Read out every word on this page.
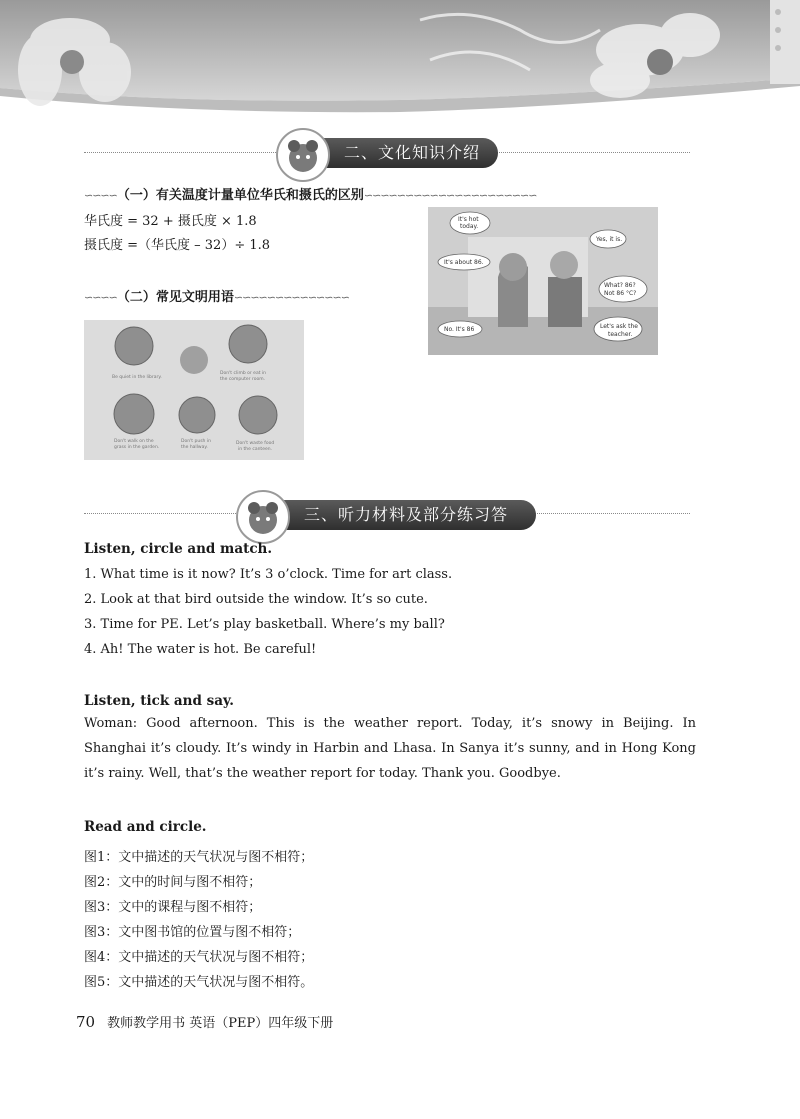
二、文化知识介绍
∽∽∽∽（一）有关温度计量单位华氏和摄氏的区别∽∽∽∽∽∽∽∽∽∽∽∽∽∽∽∽∽∽∽∽∽
华氏度 = 32 + 摄氏度 × 1.8
摄氏度 =（华氏度 – 32）÷ 1.8
It's hot
today.
Yes, it is.
It's about 86.
What? 86?
Not 86 °C?
No. It's 86	Let's ask the
teacher.
∽∽∽∽（二）常见文明用语∽∽∽∽∽∽∽∽∽∽∽∽∽∽
Be quiet in the library.
Don't climb or eat in
the computer room.
Don't walk on the
grass in the garden.
Don't push in
the hallway.
Don't waste food
in the canteen.
三、听力材料及部分练习答案
Listen, circle and match.
1. What time is it now? It’s 3 o’clock. Time for art class.
2. Look at that bird outside the window. It’s so cute.
3. Time for PE. Let’s play basketball. Where’s my ball?
4. Ah! The water is hot. Be careful!
Listen, tick and say.
Woman: Good afternoon. This is the weather report. Today, it’s snowy in Beijing. In Shanghai it’s cloudy. It’s windy in Harbin and Lhasa. In Sanya it’s sunny, and in Hong Kong it’s rainy. Well, that’s the weather report for today. Thank you. Goodbye.
Read and circle.
图1：文中描述的天气状况与图不相符；
图2：文中的时间与图不相符；
图3：文中的课程与图不相符；
图3：文中图书馆的位置与图不相符；
图4：文中描述的天气状况与图不相符；
图5：文中描述的天气状况与图不相符。
70 教师教学用书 英语（PEP）四年级下册
